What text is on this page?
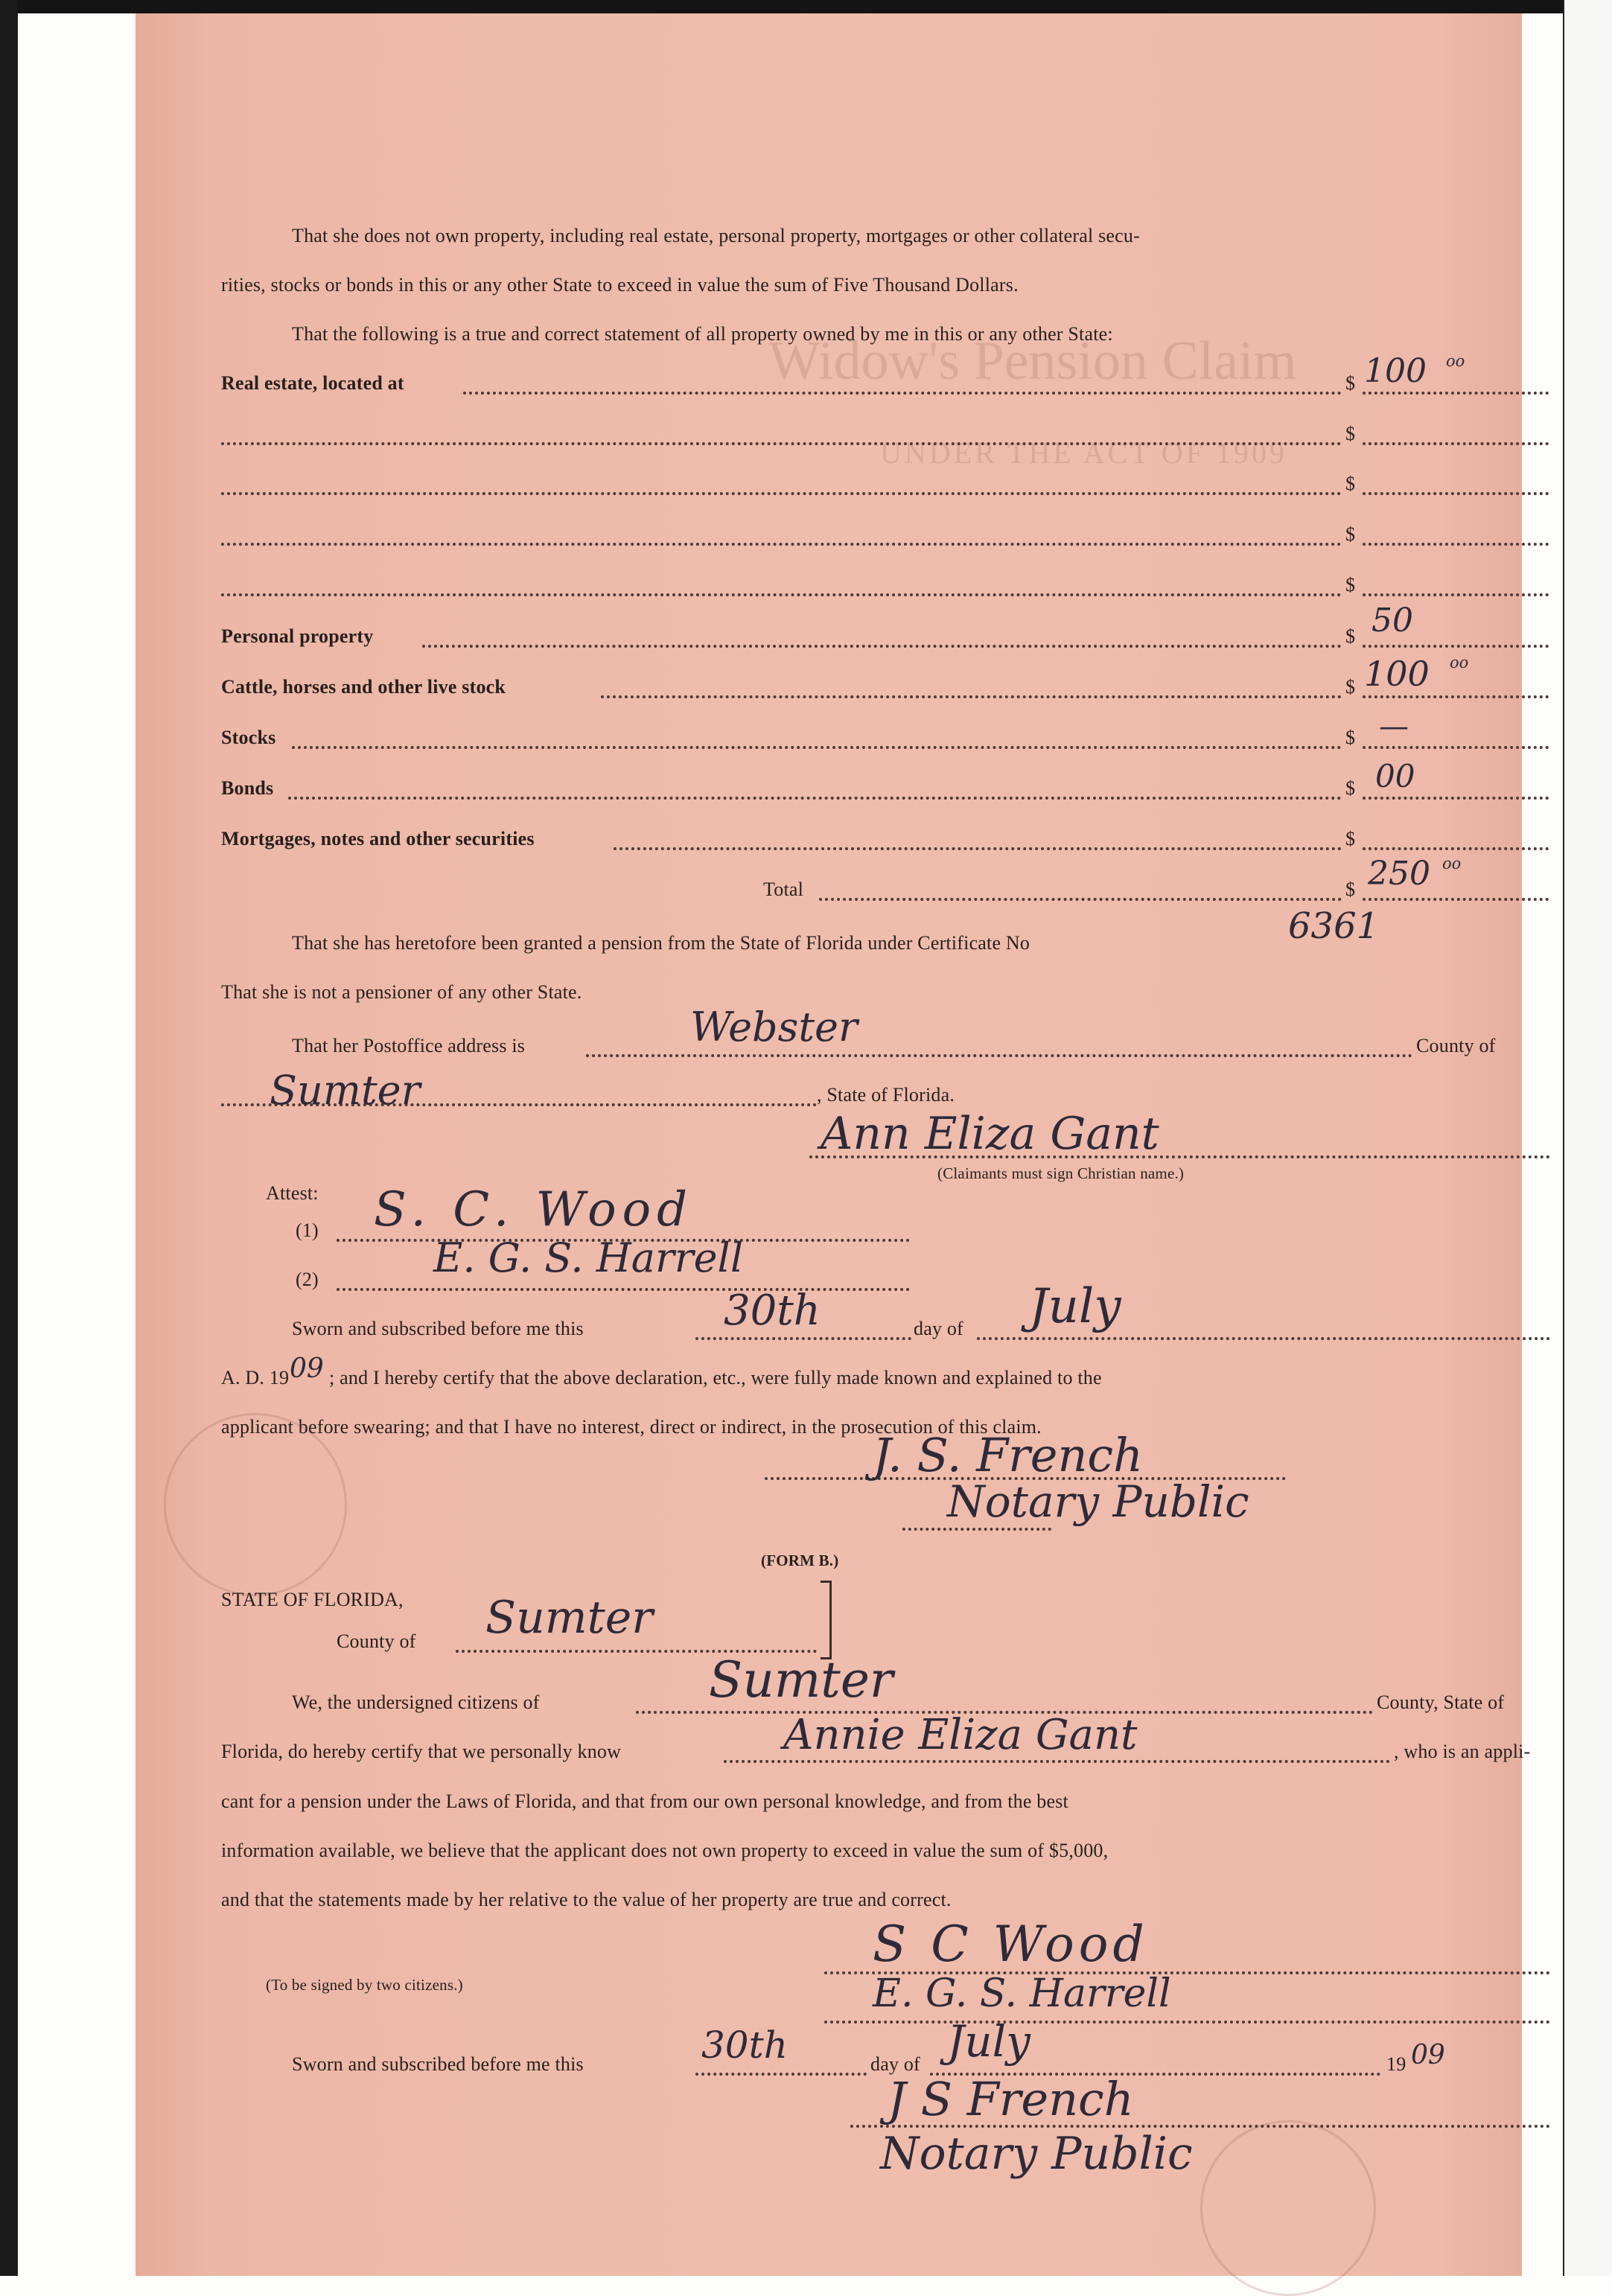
Widow's Pension Claim
UNDER THE ACT OF 1909
That she does not own property, including real estate, personal property, mortgages or other collateral secu-
rities, stocks or bonds in this or any other State to exceed in value the sum of Five Thousand Dollars.
That the following is a true and correct statement of all property owned by me in this or any other State:
Real estate, located at	$ 100 oo
$
$
$
$
Personal property	$ 50
Cattle, horses and other live stock	$ 100 oo
Stocks	$ —
Bonds	$ 00
Mortgages, notes and other securities	$
Total	$ 250 oo
That she has heretofore been granted a pension from the State of Florida under Certificate No	6361
That she is not a pensioner of any other State.
That her Postoffice address is	County of
Webster
Sumter	, State of Florida.
Ann Eliza Gant
(Claimants must sign Christian name.)
Attest:
(1) S. C. Wood
(2)	E. G. S. Harrell
Sworn and subscribed before me this	30th	day of July
A. D. 19 09 ; and I hereby certify that the above declaration, etc., were fully made known and explained to the
applicant before swearing; and that I have no interest, direct or indirect, in the prosecution of this claim.
J. S. French
Notary Public
(FORM B.)
STATE OF FLORIDA,
County of Sumter
We, the undersigned citizens of	Sumter	County, State of
Florida, do hereby certify that we personally know	Annie Eliza Gant	, who is an appli-
cant for a pension under the Laws of Florida, and that from our own personal knowledge, and from the best
information available, we believe that the applicant does not own property to exceed in value the sum of $5,000,
and that the statements made by her relative to the value of her property are true and correct.
S C Wood
(To be signed by two citizens.)	E. G. S. Harrell
Sworn and subscribed before me this	30th	day of July	19 09
J S French
Notary Public
